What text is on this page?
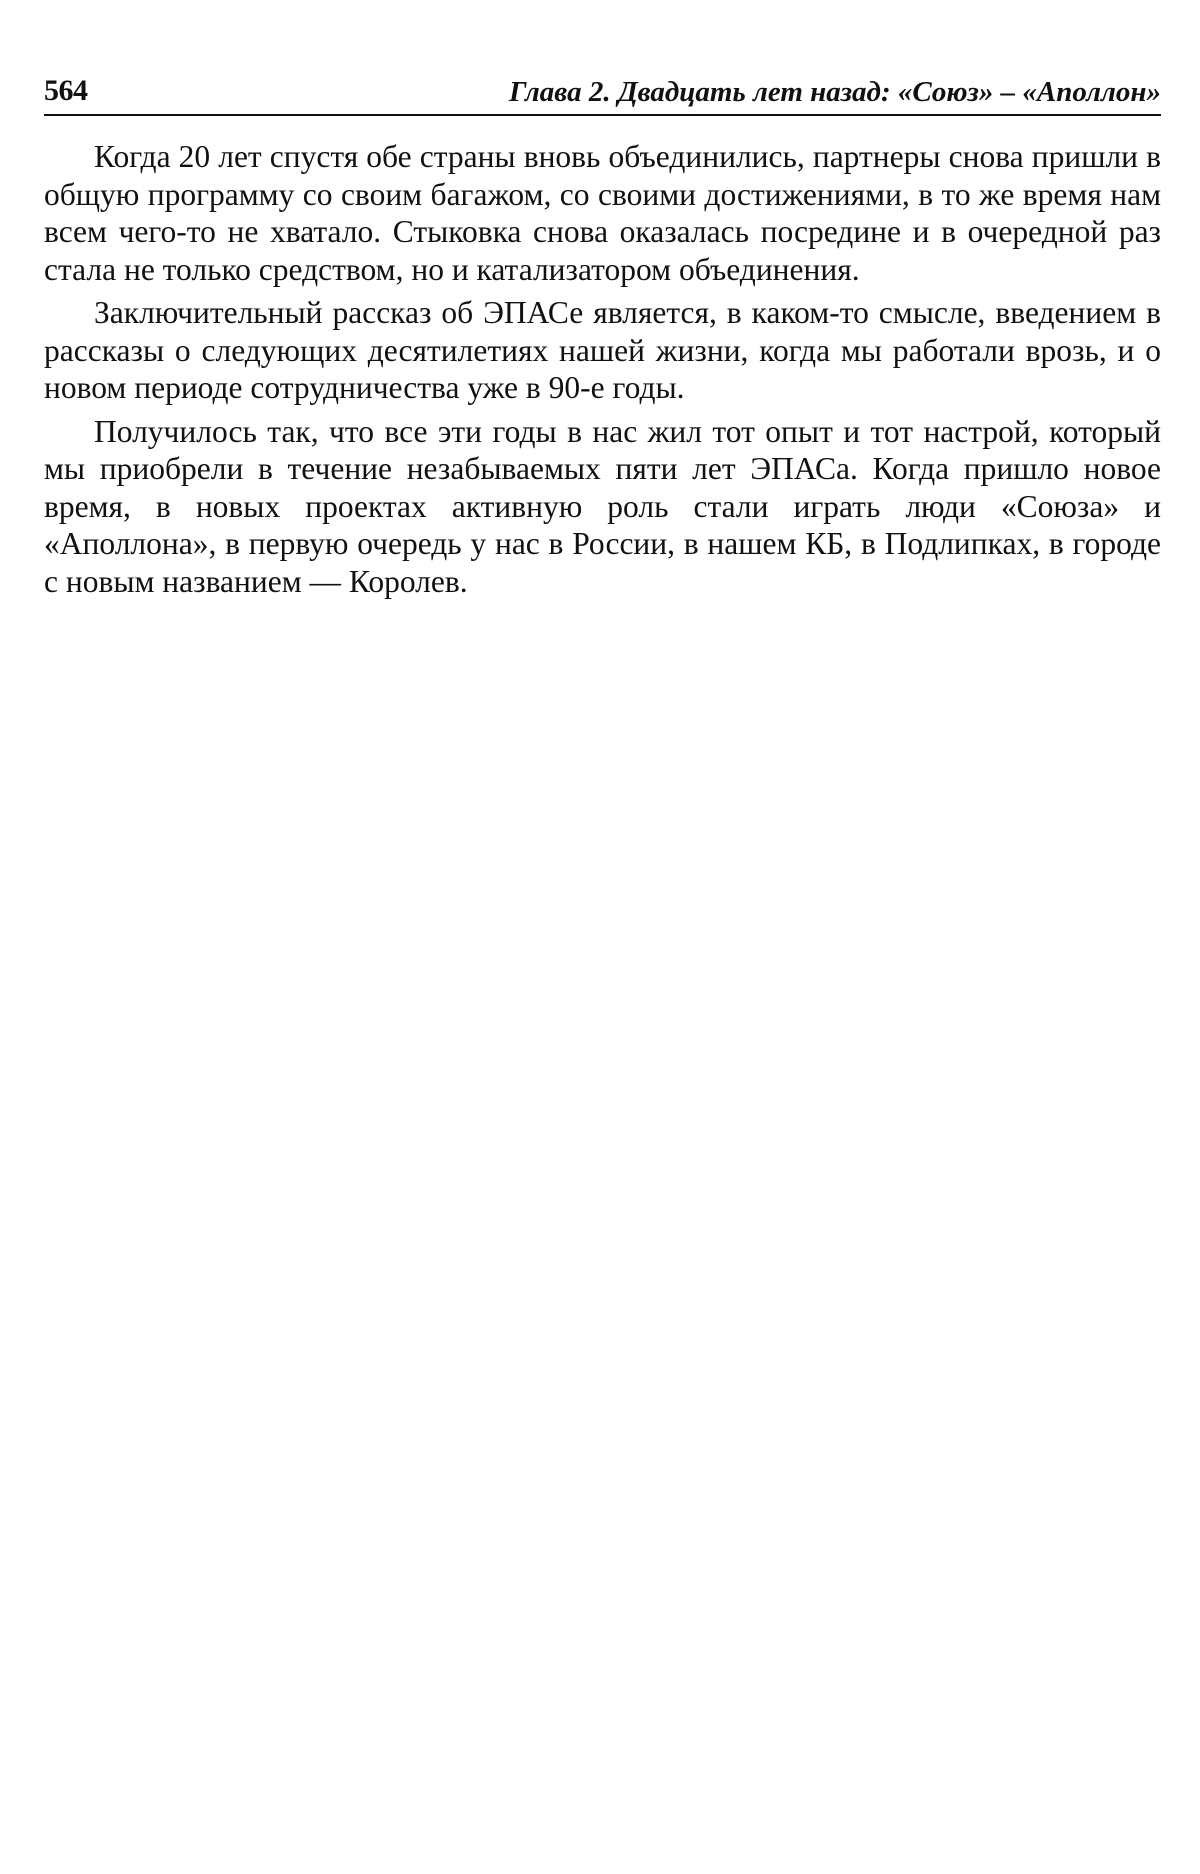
564	Глава 2. Двадцать лет назад: «Союз» – «Аполлон»

Когда 20 лет спустя обе страны вновь объединились, партнеры снова пришли в общую программу со своим багажом, со своими достижениями, в то же время нам всем чего-то не хватало. Стыковка снова оказалась посредине и в очередной раз стала не только средством, но и катализатором объединения.

Заключительный рассказ об ЭПАСе является, в каком-то смысле, введением в рассказы о следующих десятилетиях нашей жизни, когда мы работали врозь, и о новом периоде сотрудничества уже в 90-е годы.

Получилось так, что все эти годы в нас жил тот опыт и тот настрой, который мы приобрели в течение незабываемых пяти лет ЭПАСа. Когда пришло новое время, в новых проектах активную роль стали играть люди «Союза» и «Аполлона», в первую очередь у нас в России, в нашем КБ, в Подлипках, в городе с новым названием — Королев.
